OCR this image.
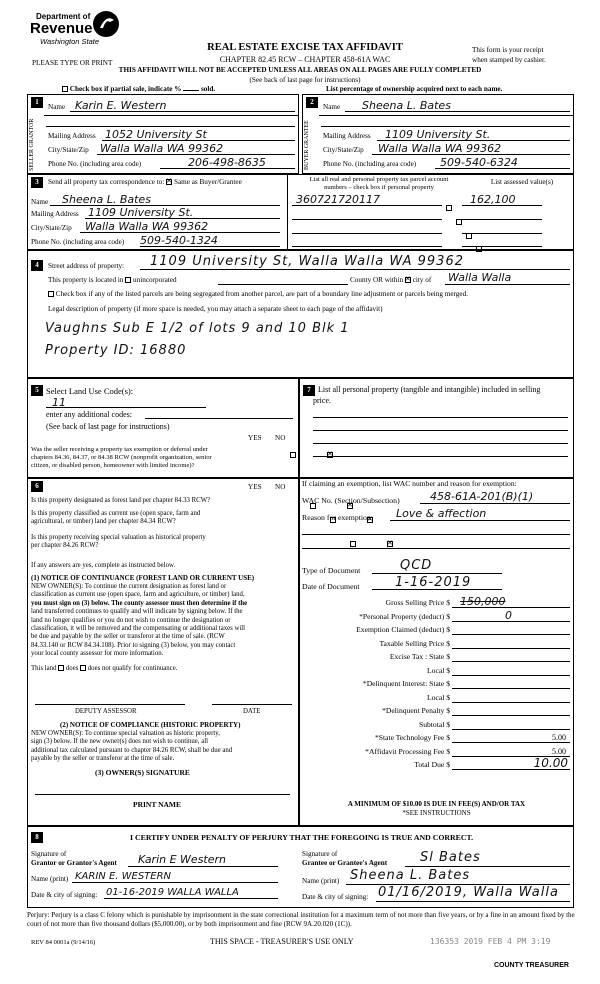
Department of
Revenue
Washington State
PLEASE TYPE OR PRINT
REAL ESTATE EXCISE TAX AFFIDAVIT
CHAPTER 82.45 RCW – CHAPTER 458-61A WAC
THIS AFFIDAVIT WILL NOT BE ACCEPTED UNLESS ALL AREAS ON ALL PAGES ARE FULLY COMPLETED
(See back of last page for instructions)
This form is your receipt
when stamped by cashier.
Check box if partial sale, indicate %	sold.	List percentage of ownership acquired next to each name.
1
SELLER GRANTOR
Name Karin E. Western
Mailing Address 1052 University St
City/State/Zip Walla Walla WA 99362
Phone No. (including area code)	206-498-8635
2
BUYER GRANTEE
Name Sheena L. Bates
Mailing Address 1109 University St.
City/State/Zip Walla Walla WA 99362
Phone No. (including area code) 509-540-6324
3	Send all property tax correspondence to: ✕ Same as Buyer/Grantee
Name Sheena L. Bates
Mailing Address 1109 University St.
City/State/Zip Walla Walla WA 99362
Phone No. (including area code) 509-540-1324
List all real and personal property tax parcel account
numbers – check box if personal property
List assessed value(s)
360721720117	162,100

4	Street address of property: 1109 University St, Walla Walla WA 99362
This property is located in unincorporated	County OR within ✕ city of Walla Walla
Check box if any of the listed parcels are being segregated from another parcel, are part of a boundary line adjustment or parcels being merged.
Legal description of property (if more space is needed, you may attach a separate sheet to each page of the affidavit)
Vaughns Sub E 1/2 of lots 9 and 10 Blk 1
Property ID: 16880
5 Select Land Use Code(s):
11
enter any additional codes:
(See back of last page for instructions)
YES NO
Was the seller receiving a property tax exemption or deferral under
chapters 84.36, 84.37, or 84.38 RCW (nonprofit organization, senior
citizen, or disabled person, homeowner with limited income)?
✕
7 List all personal property (tangible and intangible) included in selling
price.
6	YES NO
Is this property designated as forest land per chapter 84.33 RCW?
✕
Is this property classified as current use (open space, farm and
agricultural, or timber) land per chapter 84.34 RCW?
✕
Is this property receiving special valuation as historical property
per chapter 84.26 RCW?
✕
If any answers are yes, complete as instructed below.
(1) NOTICE OF CONTINUANCE (FOREST LAND OR CURRENT USE)
NEW OWNER(S): To continue the current designation as forest land or
classification as current use (open space, farm and agriculture, or timber) land,
you must sign on (3) below. The county assessor must then determine if the
land transferred continues to qualify and will indicate by signing below. If the
land no longer qualifies or you do not wish to continue the designation or
classification, it will be removed and the compensating or additional taxes will
be due and payable by the seller or transferor at the time of sale. (RCW
84.33.140 or RCW 84.34.108). Prior to signing (3) below, you may contact
your local county assessor for more information.
This land does does not qualify for continuance.
DEPUTY ASSESSOR	DATE
(2) NOTICE OF COMPLIANCE (HISTORIC PROPERTY)
NEW OWNER(S): To continue special valuation as historic property,
sign (3) below. If the new owner(s) does not wish to continue, all
additional tax calculated pursuant to chapter 84.26 RCW, shall be due and
payable by the seller or transferor at the time of sale.
(3) OWNER(S) SIGNATURE
PRINT NAME
If claiming an exemption, list WAC number and reason for exemption:
WAC No. (Section/Subsection)	458-61A-201(B)(1)
Reason for exemption Love & affection
Type of Document	QCD
Date of Document	1-16-2019
Gross Selling Price $ 150,000
*Personal Property (deduct) $	0
Exemption Claimed (deduct) $
Taxable Selling Price $
Excise Tax : State $
Local $
*Delinquent Interest: State $
Local $
*Delinquent Penalty $
Subtotal $
*State Technology Fee $	5.00
*Affidavit Processing Fee $	5.00
Total Due $	10.00
A MINIMUM OF $10.00 IS DUE IN FEE(S) AND/OR TAX
*SEE INSTRUCTIONS
8	I CERTIFY UNDER PENALTY OF PERJURY THAT THE FOREGOING IS TRUE AND CORRECT.
Signature of
Grantor or Grantor's Agent Karin E Western
Name (print) KARIN E. WESTERN
Date & city of signing: 01-16-2019 WALLA WALLA
Signature of
Grantee or Grantee's Agent	Sl Bates
Name (print) Sheena L. Bates
Date & city of signing: 01/16/2019, Walla Walla
Perjury: Perjury is a class C felony which is punishable by imprisonment in the state correctional institution for a maximum term of not more than five years, or by a fine in an amount fixed by the court of not more than five thousand dollars ($5,000.00), or by both imprisonment and fine (RCW 9A.20.020 (1C)).
REV 84 0001a (9/14/16)	THIS SPACE - TREASURER'S USE ONLY	136353 2019 FEB 4 PM 3:19
COUNTY TREASURER
